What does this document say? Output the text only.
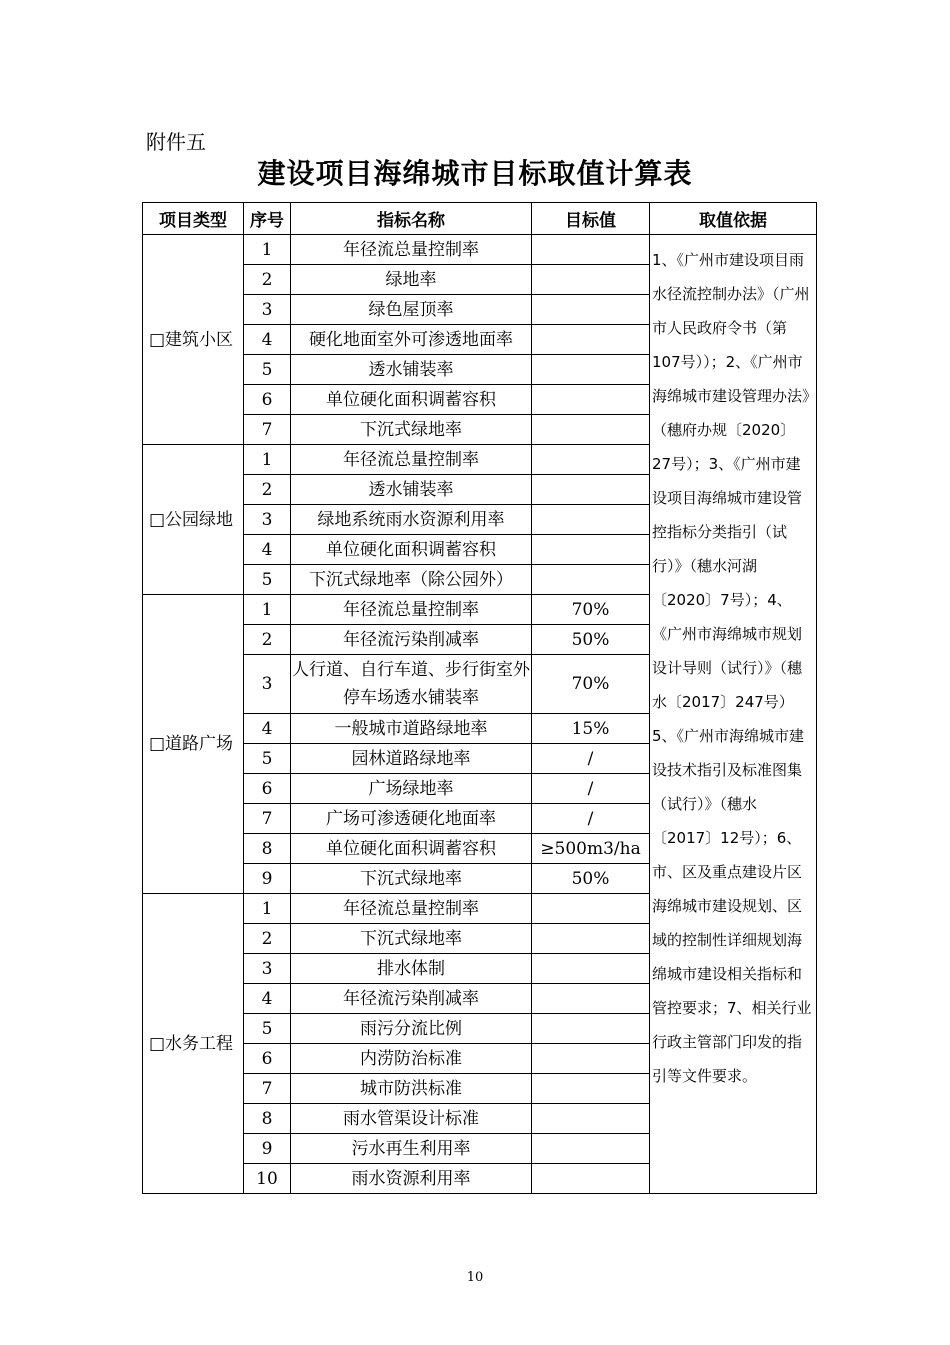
附件五
建设项目海绵城市目标取值计算表
项目类型	序号	指标名称	目标值	取值依据
□建筑小区	1	年径流总量控制率		1、《广州市建设项目雨水径流控制办法》（广州市人民政府令书（第107号））；2、《广州市海绵城市建设管理办法》（穗府办规〔2020〕27号）；3、《广州市建设项目海绵城市建设管控指标分类指引（试行）》（穗水河湖〔2020〕7号）；4、《广州市海绵城市规划设计导则（试行）》（穗水〔2017〕247号）5、《广州市海绵城市建设技术指引及标准图集（试行）》（穗水〔2017〕12号）；6、市、区及重点建设片区海绵城市建设规划、区域的控制性详细规划海绵城市建设相关指标和管控要求；7、相关行业行政主管部门印发的指引等文件要求。
	2	绿地率		
	3	绿色屋顶率		
	4	硬化地面室外可渗透地面率		
	5	透水铺装率		
	6	单位硬化面积调蓄容积		
	7	下沉式绿地率		
□公园绿地	1	年径流总量控制率		
	2	透水铺装率		
	3	绿地系统雨水资源利用率		
	4	单位硬化面积调蓄容积		
	5	下沉式绿地率（除公园外）		
□道路广场	1	年径流总量控制率	70%	
	2	年径流污染削减率	50%	
	3	人行道、自行车道、步行街室外停车场透水铺装率	70%	
	4	一般城市道路绿地率	15%	
	5	园林道路绿地率	/	
	6	广场绿地率	/	
	7	广场可渗透硬化地面率	/	
	8	单位硬化面积调蓄容积	≥500m3/ha	
	9	下沉式绿地率	50%	
□水务工程	1	年径流总量控制率		
	2	下沉式绿地率		
	3	排水体制		
	4	年径流污染削减率		
	5	雨污分流比例		
	6	内涝防治标准		
	7	城市防洪标准		
	8	雨水管渠设计标准		
	9	污水再生利用率		
	10	雨水资源利用率		
10
